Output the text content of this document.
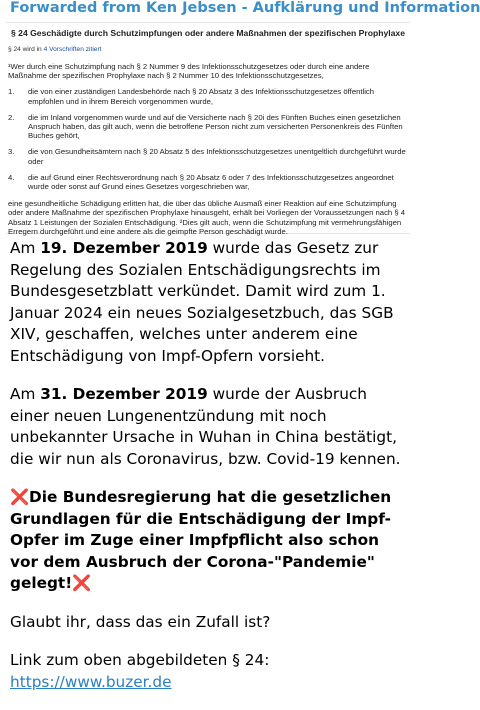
Forwarded from Ken Jebsen - Aufklärung und Information
§ 24 Geschädigte durch Schutzimpfungen oder andere Maßnahmen der spezifischen Prophylaxe
§ 24 wird in 4 Vorschriften zitiert
¹Wer durch eine Schutzimpfung nach § 2 Nummer 9 des Infektionsschutzgesetzes oder durch eine andere Maßnahme der spezifischen Prophylaxe nach § 2 Nummer 10 des Infektionsschutzgesetzes,
1.	die von einer zuständigen Landesbehörde nach § 20 Absatz 3 des Infektionsschutzgesetzes öffentlich empfohlen und in ihrem Bereich vorgenommen wurde,
2.	die im Inland vorgenommen wurde und auf die Versicherte nach § 20i des Fünften Buches einen gesetzlichen Anspruch haben, das gilt auch, wenn die betroffene Person nicht zum versicherten Personenkreis des Fünften Buches gehört,
3.	die von Gesundheitsämtern nach § 20 Absatz 5 des Infektionsschutzgesetzes unentgeltlich durchgeführt wurde oder
4.	die auf Grund einer Rechtsverordnung nach § 20 Absatz 6 oder 7 des Infektionsschutzgesetzes angeordnet wurde oder sonst auf Grund eines Gesetzes vorgeschrieben war,
eine gesundheitliche Schädigung erlitten hat, die über das übliche Ausmaß einer Reaktion auf eine Schutzimpfung oder andere Maßnahme der spezifischen Prophylaxe hinausgeht, erhält bei Vorliegen der Voraussetzungen nach § 4 Absatz 1 Leistungen der Sozialen Entschädigung. ²Dies gilt auch, wenn die Schutzimpfung mit vermehrungsfähigen Erregern durchgeführt und eine andere als die geimpfte Person geschädigt wurde.

Am 19. Dezember 2019 wurde das Gesetz zur Regelung des Sozialen Entschädigungsrechts im Bundesgesetzblatt verkündet. Damit wird zum 1. Januar 2024 ein neues Sozialgesetzbuch, das SGB XIV, geschaffen, welches unter anderem eine Entschädigung von Impf-Opfern vorsieht.

Am 31. Dezember 2019 wurde der Ausbruch einer neuen Lungenentzündung mit noch unbekannter Ursache in Wuhan in China bestätigt, die wir nun als Coronavirus, bzw. Covid-19 kennen.

❌Die Bundesregierung hat die gesetzlichen Grundlagen für die Entschädigung der Impf-Opfer im Zuge einer Impfpflicht also schon vor dem Ausbruch der Corona-"Pandemie" gelegt!❌

Glaubt ihr, dass das ein Zufall ist?

Link zum oben abgebildeten § 24: https://www.buzer.de
